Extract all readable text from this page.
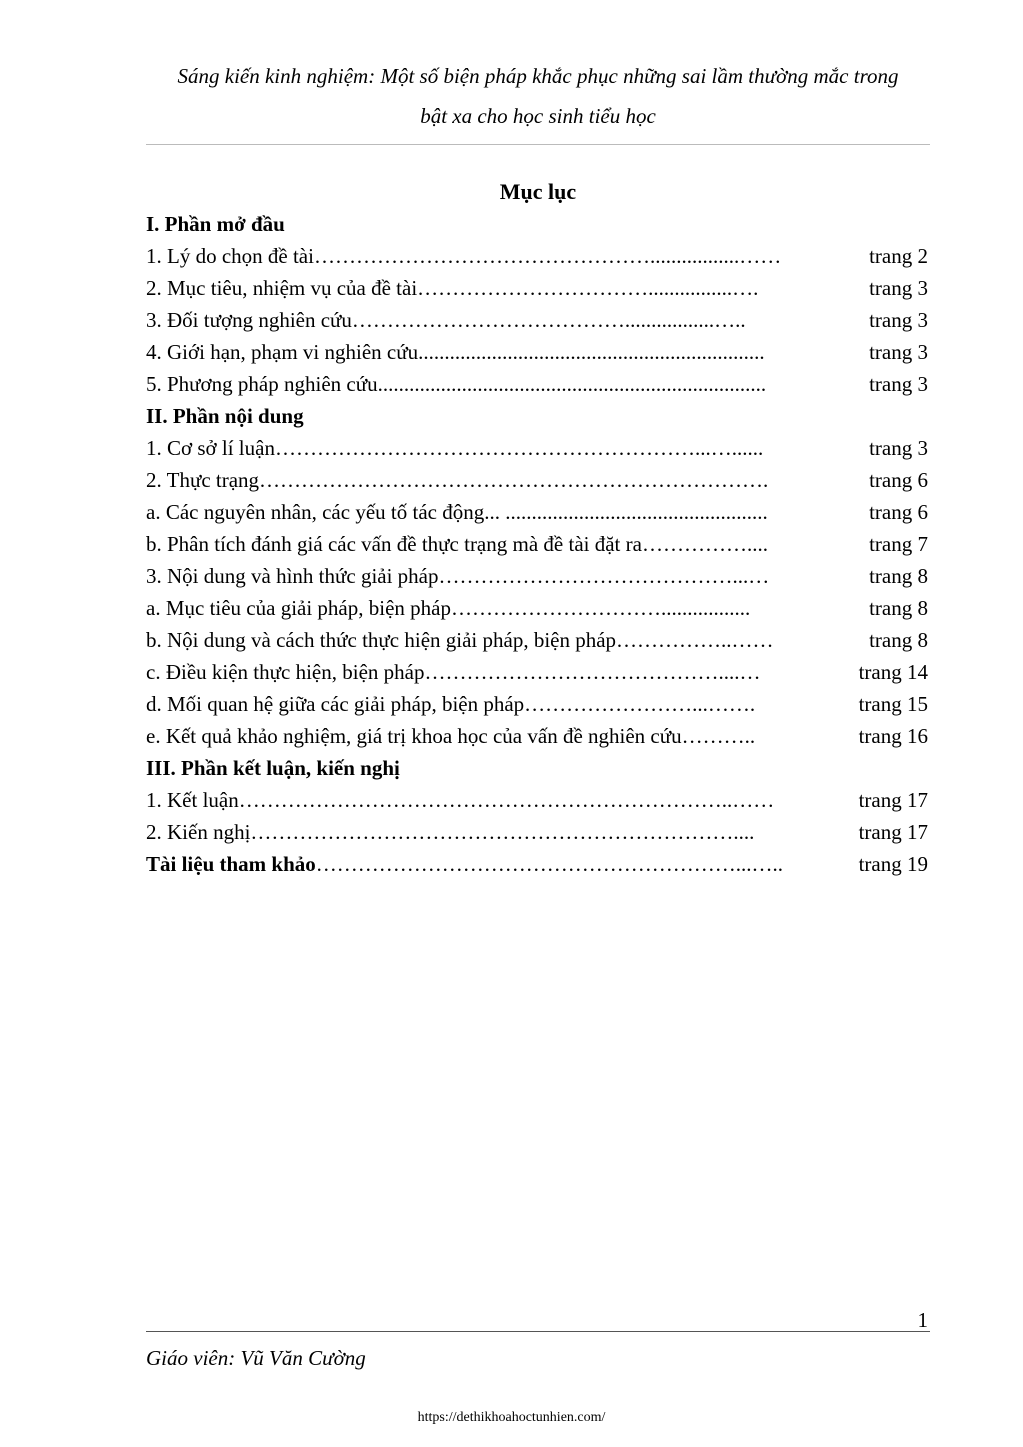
Sáng kiến kinh nghiệm: Một số biện pháp khắc phục những sai lầm thường mắc trong
bật xa cho học sinh tiểu học
Mục lục
I. Phần mở đầu
1. Lý do chọn đề tài………………………………………….................……	trang 2
2. Mục tiêu, nhiệm vụ của đề tài……………………………................….	trang 3
3. Đối tượng nghiên cứu………………………………….................…..	trang 3
4. Giới hạn, phạm vi nghiên cứu..................................................................	trang 3
5. Phương pháp nghiên cứu..........................................................................	trang 3
II. Phần nội dung
1. Cơ sở lí luận……………………………………………………...…......	trang 3
2. Thực trạng……………………………………………………………….	trang 6
a. Các nguyên nhân, các yếu tố tác động... ..................................................	trang 6
b. Phân tích đánh giá các vấn đề thực trạng mà đề tài đặt ra……………....	trang 7
3. Nội dung và hình thức giải pháp……………………………………...…	trang 8
a. Mục tiêu của giải pháp, biện pháp………………………….................	trang 8
b. Nội dung và cách thức thực hiện giải pháp, biện pháp……………..……	trang 8
c. Điều kiện thực hiện, biện pháp……………………………………....…	trang 14
d. Mối quan hệ giữa các giải pháp, biện pháp……………………...…….	trang 15
e. Kết quả khảo nghiệm, giá trị khoa học của vấn đề nghiên cứu………..	trang 16
III. Phần kết luận, kiến nghị
1. Kết luận……………………………………………………………..……	trang 17
2. Kiến nghị……………………………………………………………....	trang 17
Tài liệu tham khảo……………………………………………………...…..	trang 19
1
Giáo viên: Vũ Văn Cường
https://dethikhoahoctunhien.com/
